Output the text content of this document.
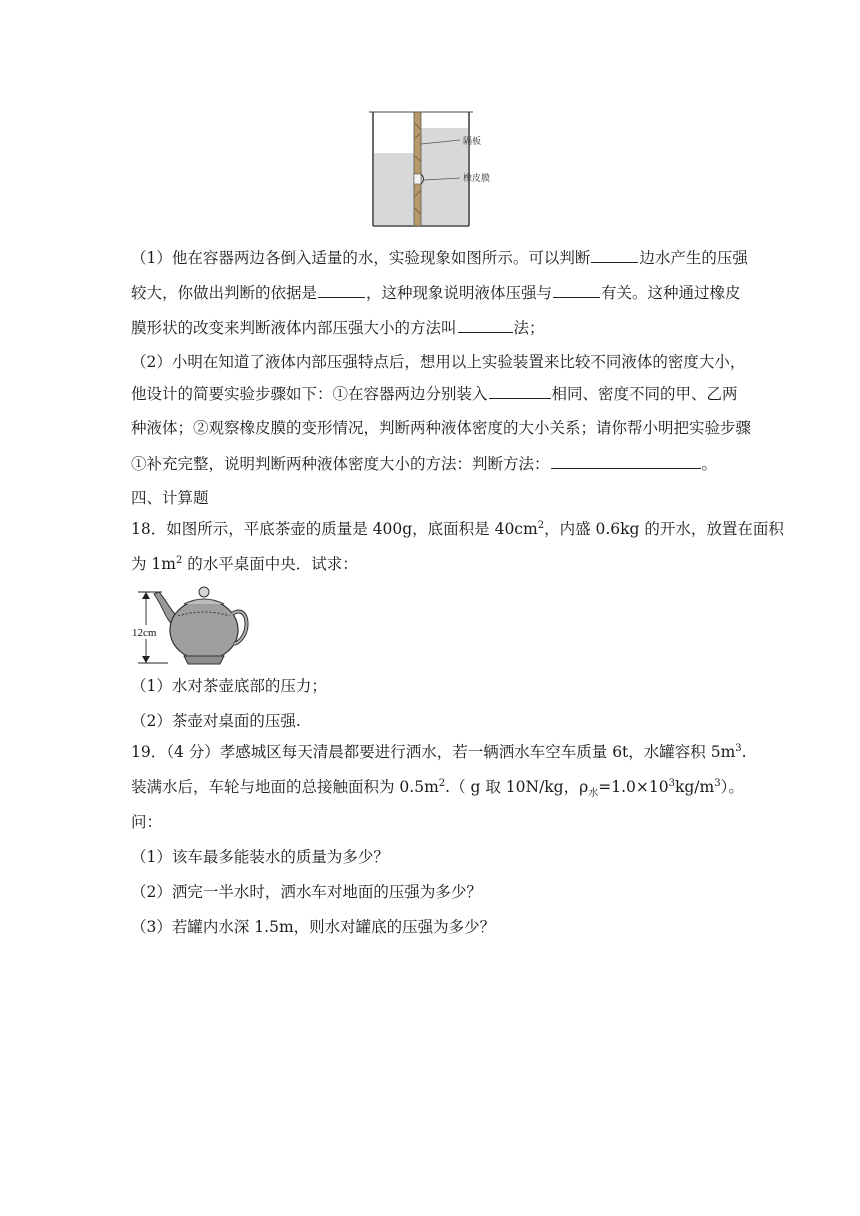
隔板
橡皮膜
（1）他在容器两边各倒入适量的水，实验现象如图所示。可以判断	边水产生的压强
较大，你做出判断的依据是	，这种现象说明液体压强与	有关。这种通过橡皮
膜形状的改变来判断液体内部压强大小的方法叫	法；
（2）小明在知道了液体内部压强特点后，想用以上实验装置来比较不同液体的密度大小，
他设计的简要实验步骤如下：①在容器两边分别装入	相同、密度不同的甲、乙两
种液体；②观察橡皮膜的变形情况，判断两种液体密度的大小关系；请你帮小明把实验步骤
①补充完整，说明判断两种液体密度大小的方法：判断方法：	。
四、计算题
18．如图所示，平底茶壶的质量是 400g，底面积是 $40cm^2$，内盛 0.6kg 的开水，放置在面积
为 $1m^2$ 的水平桌面中央．试求：
12cm
（1）水对茶壶底部的压力；
（2）茶壶对桌面的压强.
19．（4 分）孝感城区每天清晨都要进行洒水，若一辆洒水车空车质量 6t，水罐容积 $5m^3$.
装满水后，车轮与地面的总接触面积为 $0.5m^2$.（ g 取 10N/kg，$\rho_水=1.0\times 10^3kg/m^3$）。
问：
（1）该车最多能装水的质量为多少？
（2）洒完一半水时，洒水车对地面的压强为多少？
（3）若罐内水深 1.5m，则水对罐底的压强为多少？
